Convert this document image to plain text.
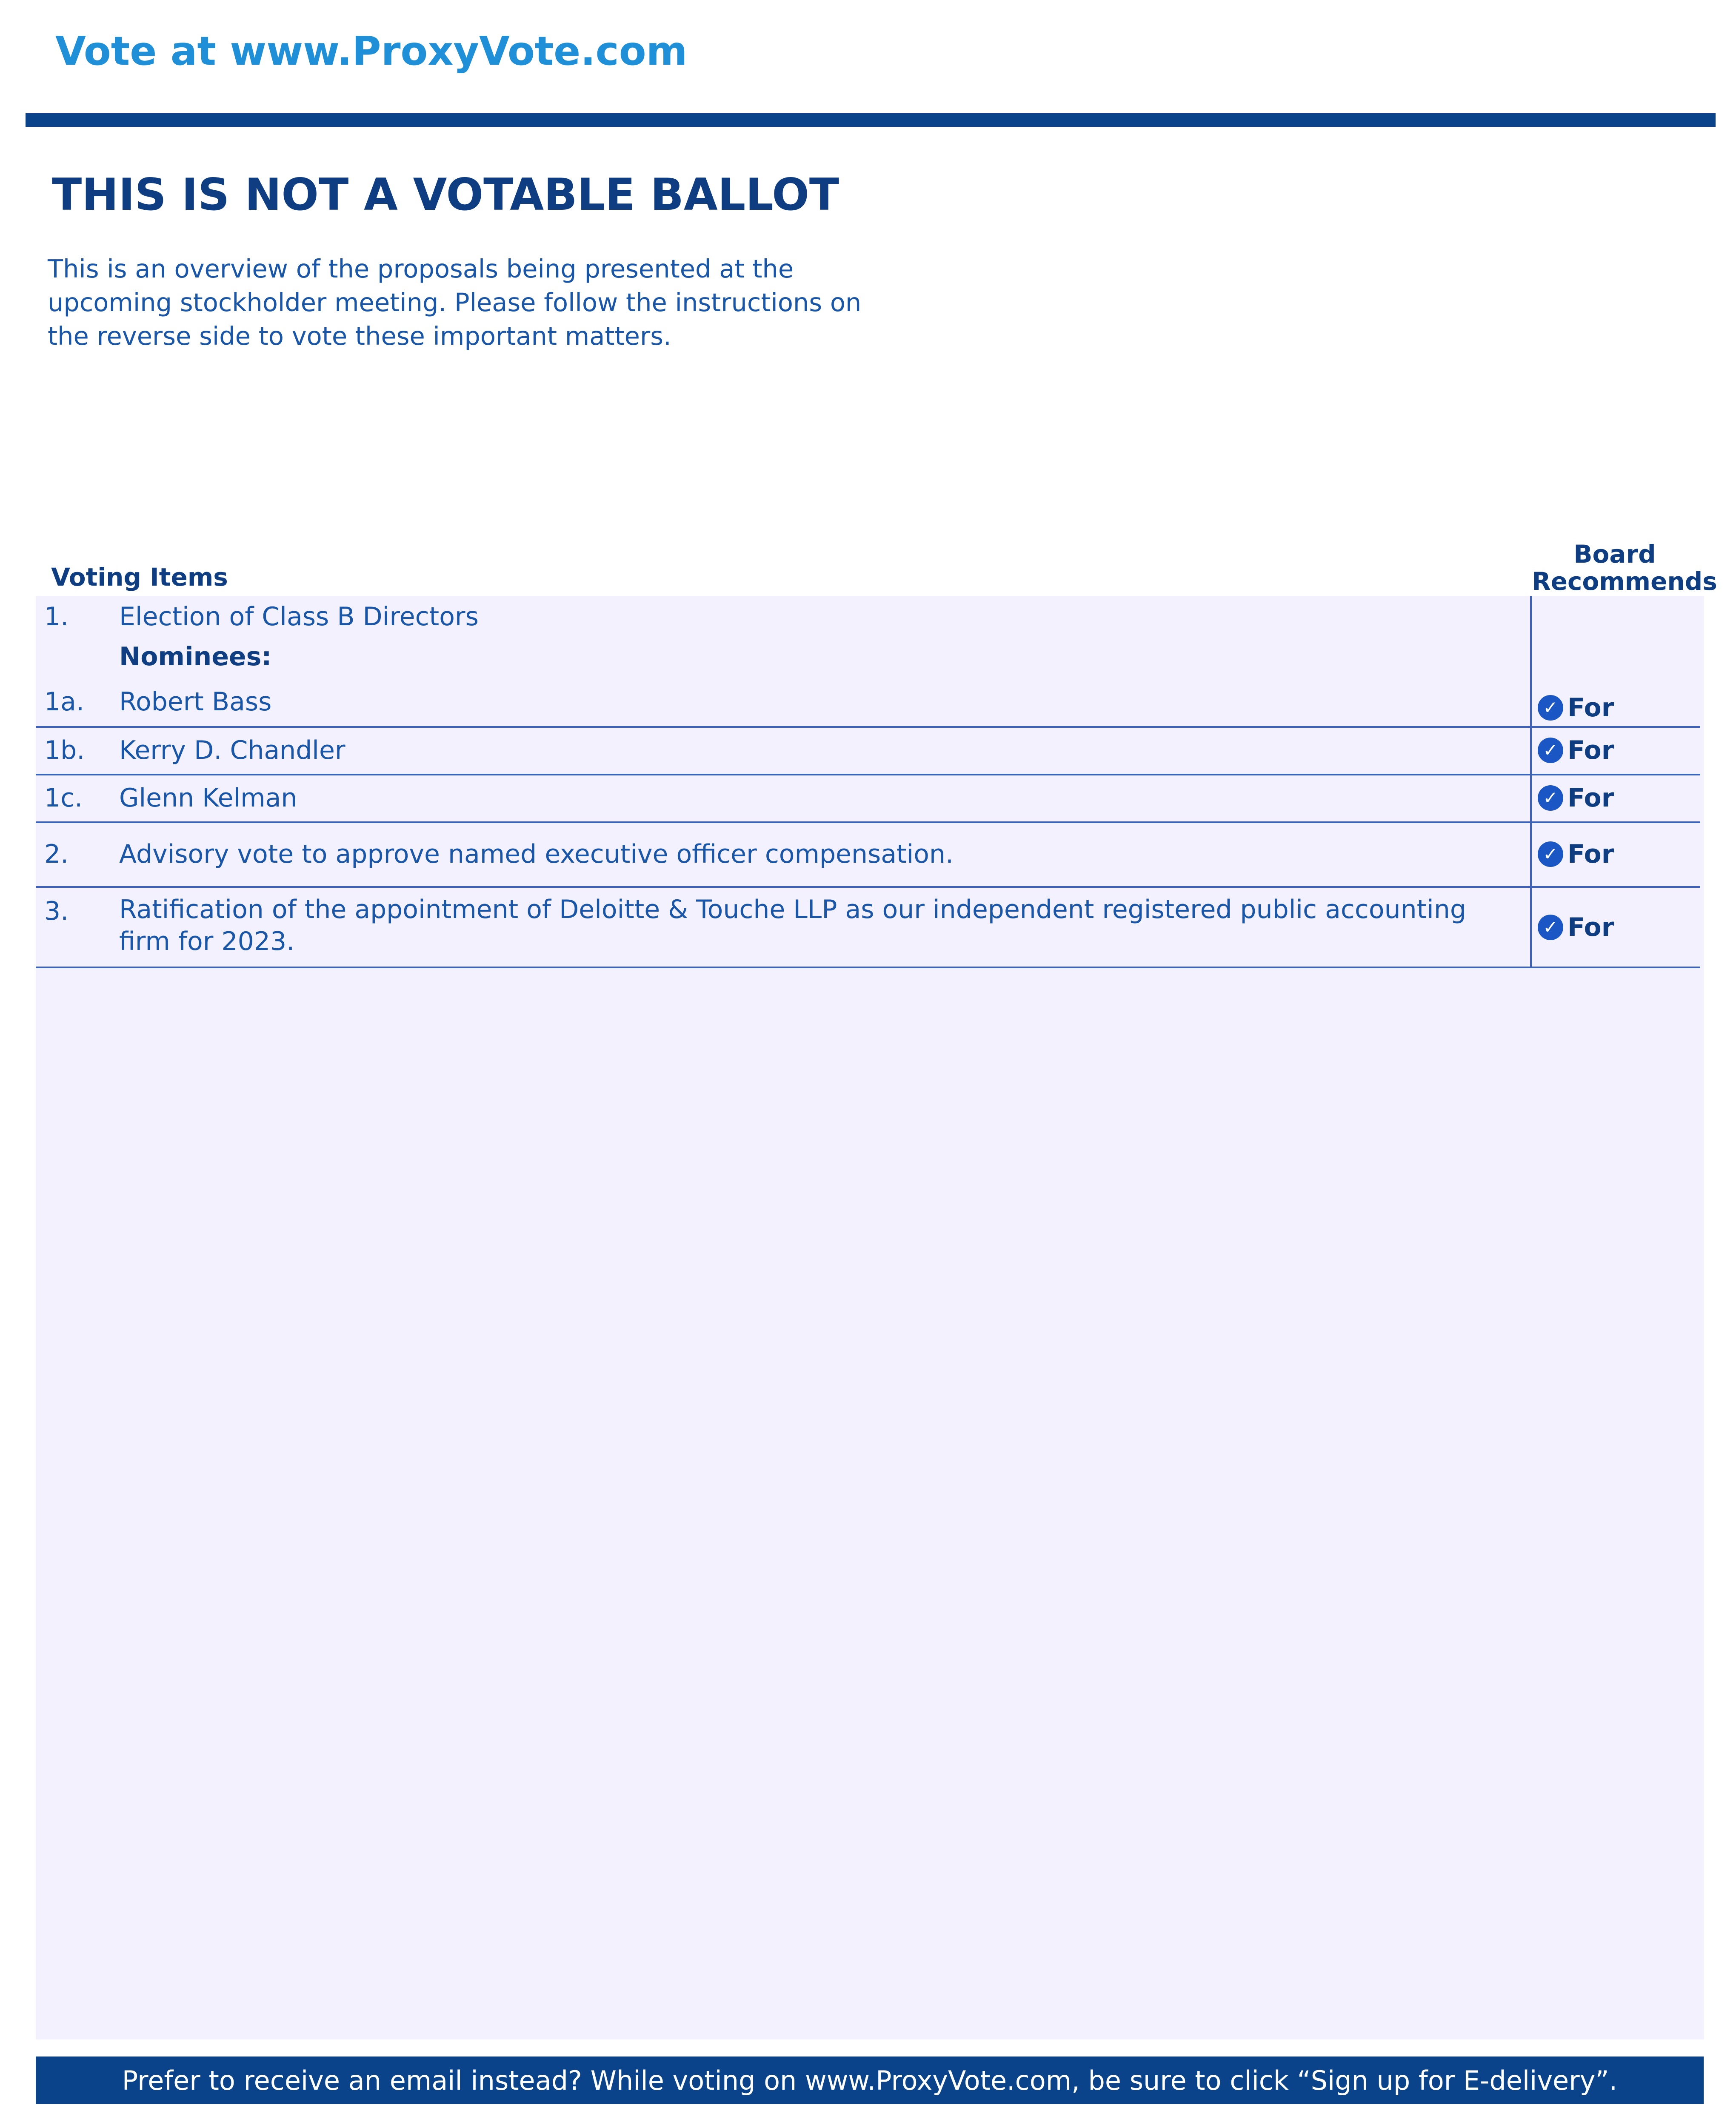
Vote at www.ProxyVote.com
THIS IS NOT A VOTABLE BALLOT
This is an overview of the proposals being presented at the upcoming stockholder meeting. Please follow the instructions on the reverse side to vote these important matters.
Voting Items
Board Recommends
1. Election of Class B Directors
Nominees:
1a. Robert Bass	✓ For
1b. Kerry D. Chandler	✓ For
1c. Glenn Kelman	✓ For
2. Advisory vote to approve named executive officer compensation.	✓ For
3. Ratification of the appointment of Deloitte & Touche LLP as our independent registered public accounting firm for 2023.	✓ For
Prefer to receive an email instead? While voting on www.ProxyVote.com, be sure to click “Sign up for E-delivery”.
